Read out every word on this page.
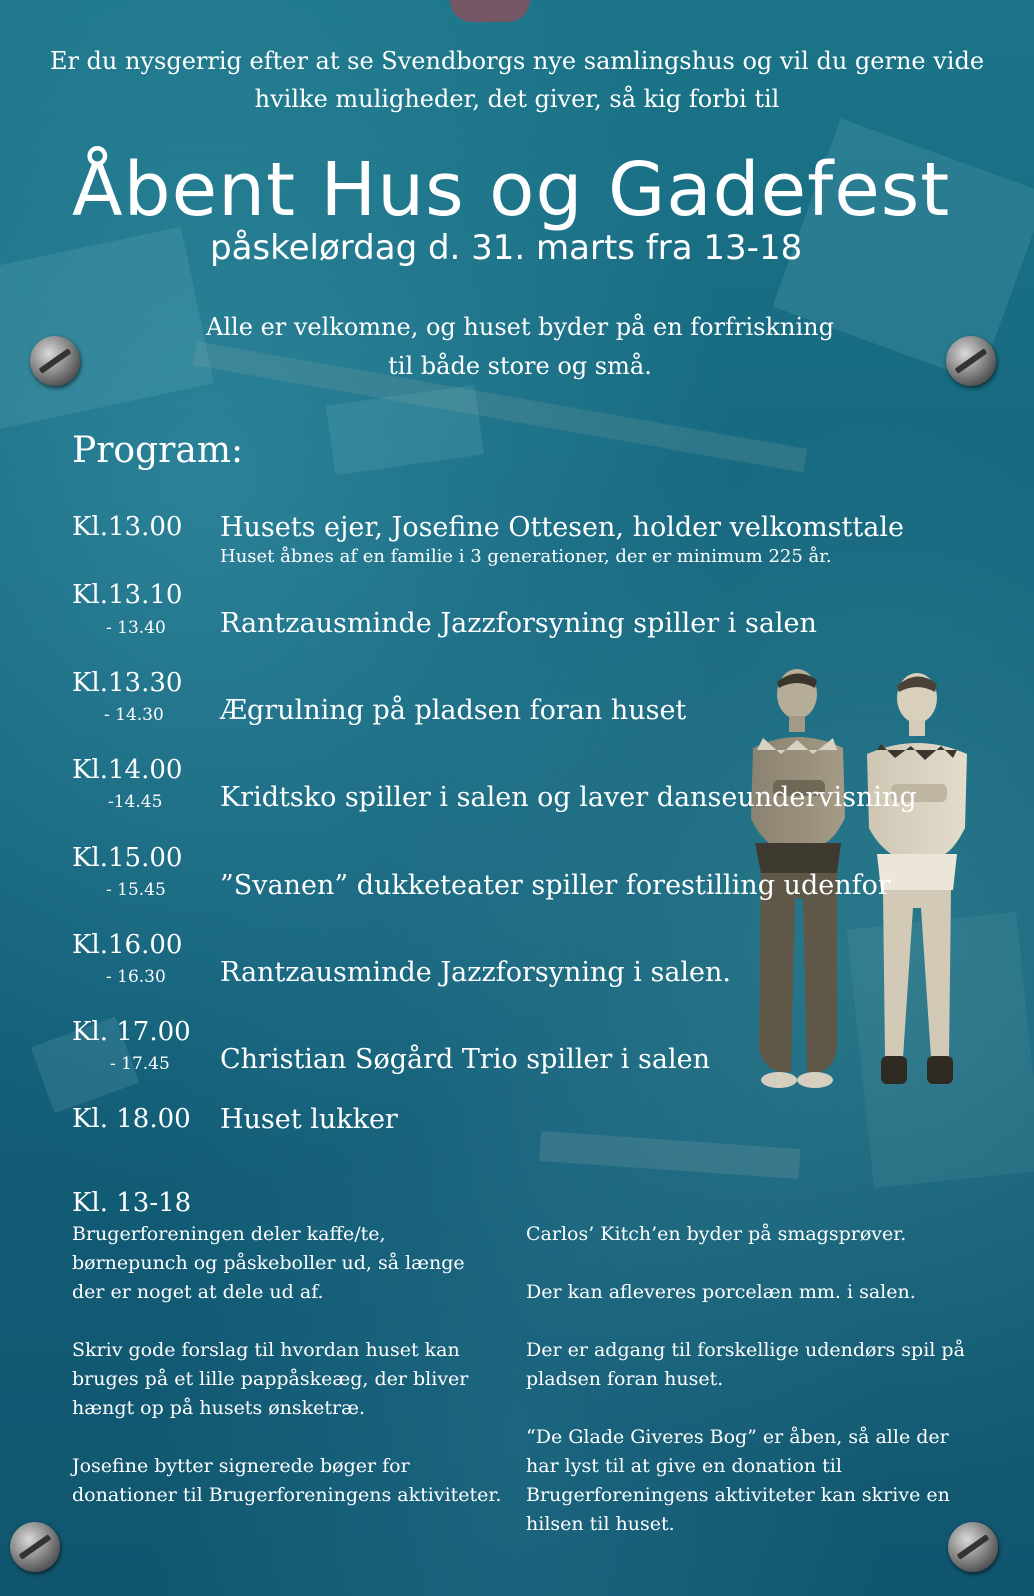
Er du nysgerrig efter at se Svendborgs nye samlingshus og vil du gerne vide hvilke muligheder, det giver, så kig forbi til
Åbent Hus og Gadefest
påskelørdag d. 31. marts fra 13-18
Alle er velkomne, og huset byder på en forfriskning til både store og små.
Program:
Kl.13.00 Husets ejer, Josefine Ottesen, holder velkomsttale
Huset åbnes af en familie i 3 generationer, der er minimum 225 år.
Kl.13.10
- 13.40 Rantzausminde Jazzforsyning spiller i salen
Kl.13.30
- 14.30 Ægrulning på pladsen foran huset
Kl.14.00
-14.45 Kridtsko spiller i salen og laver danseundervisning
Kl.15.00
- 15.45 ”Svanen” dukketeater spiller forestilling udenfor
Kl.16.00
- 16.30 Rantzausminde Jazzforsyning i salen.
Kl. 17.00
- 17.45 Christian Søgård Trio spiller i salen
Kl. 18.00 Huset lukker
Kl. 13-18

Brugerforeningen deler kaffe/te, børnepunch og påskeboller ud, så længe der er noget at dele ud af.

Skriv gode forslag til hvordan huset kan bruges på et lille pappåskeæg, der bliver hængt op på husets ønsketræ.

Josefine bytter signerede bøger for donationer til Brugerforeningens aktiviteter.

Carlos’ Kitch’en byder på smagsprøver.

Der kan afleveres porcelæn mm. i salen.

Der er adgang til forskellige udendørs spil på pladsen foran huset.

“De Glade Giveres Bog” er åben, så alle der har lyst til at give en donation til Brugerforeningens aktiviteter kan skrive en hilsen til huset.
